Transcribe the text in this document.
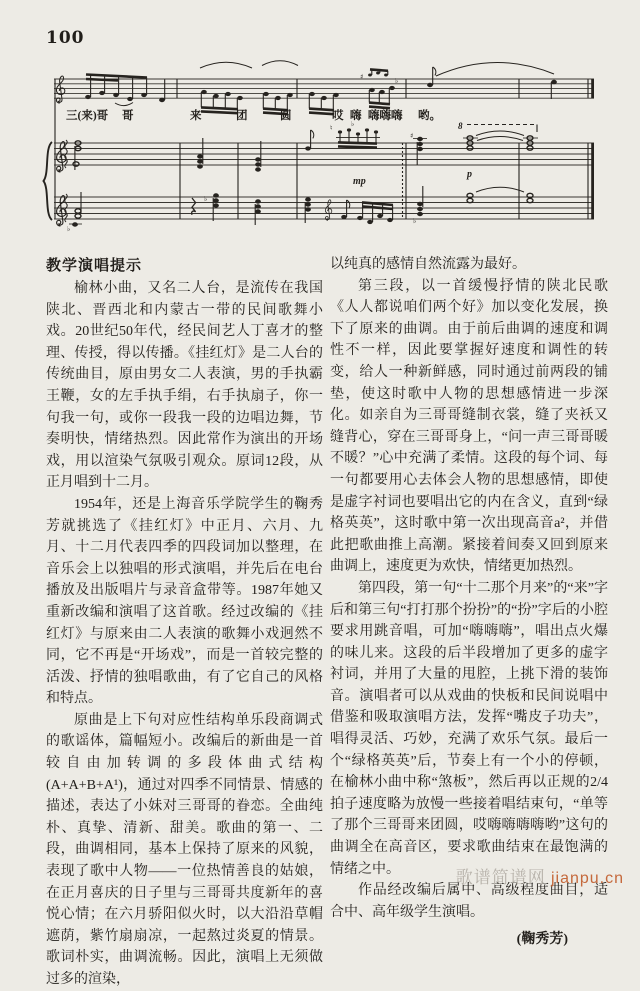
100
♯	♭
三(来)哥 哥	来	团	圆	哎 嗨 嗨嗨嗨 哟。
♮	♭
mp
♯
8
p
♭
♭
♭

教学演唱提示

榆林小曲，又名二人台，是流传在我国陕北、晋西北和内蒙古一带的民间歌舞小戏。20世纪50年代，经民间艺人丁喜才的整理、传授，得以传播。《挂红灯》是二人台的传统曲目，原由男女二人表演，男的手执霸王鞭，女的左手执手绢，右手执扇子，你一句我一句，或你一段我一段的边唱边舞，节奏明快，情绪热烈。因此常作为演出的开场戏，用以渲染气氛吸引观众。原词12段，从正月唱到十二月。

1954年，还是上海音乐学院学生的鞠秀芳就挑选了《挂红灯》中正月、六月、九月、十二月代表四季的四段词加以整理，在音乐会上以独唱的形式演唱，并先后在电台播放及出版唱片与录音盒带等。1987年她又重新改编和演唱了这首歌。经过改编的《挂红灯》与原来由二人表演的歌舞小戏迥然不同，它不再是“开场戏”，而是一首较完整的活泼、抒情的独唱歌曲，有了它自己的风格和特点。

原曲是上下句对应性结构单乐段商调式的歌谣体，篇幅短小。改编后的新曲是一首较自由加转调的多段体曲式结构(A+A+B+A¹)，通过对四季不同情景、情感的描述，表达了小妹对三哥哥的眷恋。全曲纯朴、真挚、清新、甜美。歌曲的第一、二段，曲调相同，基本上保持了原来的风貌，表现了歌中人物——一位热情善良的姑娘，在正月喜庆的日子里与三哥哥共度新年的喜悦心情；在六月骄阳似火时，以大沿沿草帽遮荫，紫竹扇扇凉，一起熬过炎夏的情景。歌词朴实，曲调流畅。因此，演唱上无须做过多的渲染，

以纯真的感情自然流露为最好。

第三段，以一首缓慢抒情的陕北民歌《人人都说咱们两个好》加以变化发展，换下了原来的曲调。由于前后曲调的速度和调性不一样，因此要掌握好速度和调性的转变，给人一种新鲜感，同时通过前两段的铺垫，使这时歌中人物的思想感情进一步深化。如亲自为三哥哥缝制衣裳，缝了夹袄又缝背心，穿在三哥哥身上，“问一声三哥哥暖不暖？”心中充满了柔情。这段的每个词、每一句都要用心去体会人物的思想感情，即使是虚字衬词也要唱出它的内在含义，直到“绿格英英”，这时歌中第一次出现高音a²，并借此把歌曲推上高潮。紧接着间奏又回到原来曲调上，速度更为欢快，情绪更加热烈。

第四段，第一句“十二那个月来”的“来”字后和第三句“打打那个扮扮”的“扮”字后的小腔要求用跳音唱，可加“嗨嗨嗨”，唱出点火爆的味儿来。这段的后半段增加了更多的虚字衬词，并用了大量的甩腔，上挑下滑的装饰音。演唱者可以从戏曲的快板和民间说唱中借鉴和吸取演唱方法，发挥“嘴皮子功夫”，唱得灵活、巧妙，充满了欢乐气氛。最后一个“绿格英英”后，节奏上有一个小的停顿，在榆林小曲中称“煞板”，然后再以正规的2/4拍子速度略为放慢一些接着唱结束句，“单等了那个三哥哥来团圆，哎嗨嗨嗨嗨哟”这句的曲调全在高音区，要求歌曲结束在最饱满的情绪之中。

作品经改编后属中、高级程度曲目，适合中、高年级学生演唱。

(鞠秀芳)

歌谱简谱网 jianpu.cn
